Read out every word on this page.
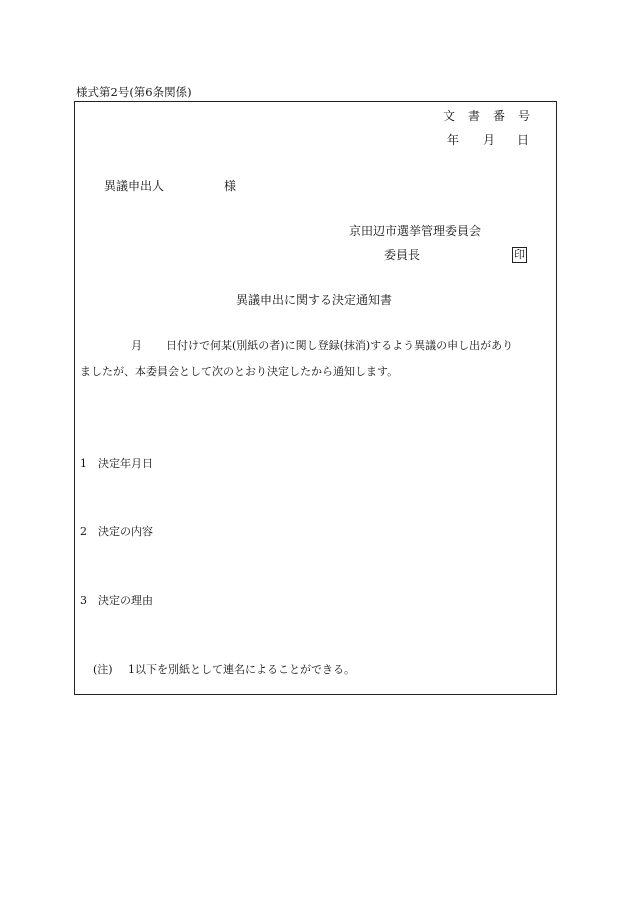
様式第2号(第6条関係)
文書番号
年 月 日
異議申出人	様
京田辺市選挙管理委員会
委員長	印
異議申出に関する決定通知書
月 日付けで何某(別紙の者)に関し登録(抹消)するよう異議の申し出があり
ましたが、本委員会として次のとおり決定したから通知します。
1 決定年月日
2 決定の内容
3 決定の理由
(注) 1以下を別紙として連名によることができる。
